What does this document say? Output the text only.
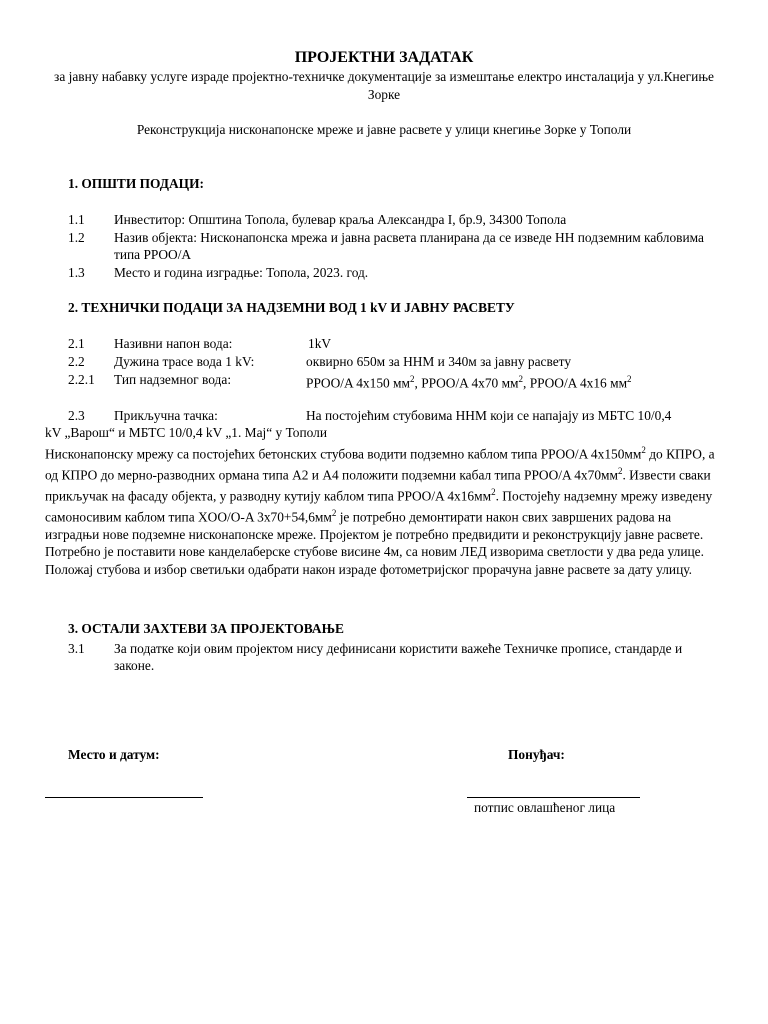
ПРОЈЕКТНИ ЗАДАТАК
за јавну набавку услуге израде пројектно-техничке документације за измештање електро инсталација у ул.Кнегиње Зорке
Реконструкција нисконапонске мреже и јавне расвете у улици кнегиње Зорке у Тополи
1. ОПШТИ ПОДАЦИ:
1.1	Инвеститор: Општина Топола, булевар краља Александра I, бр.9, 34300 Топола
1.2	Назив објекта: Нисконапонска мрежа и јавна расвета планирана да се изведе НН подземним кабловима типа PPOO/A
1.3	Место и година изградње: Топола, 2023. год.
2. ТЕХНИЧКИ ПОДАЦИ ЗА НАДЗЕМНИ ВОД 1 kV И ЈАВНУ РАСВЕТУ
2.1	Називни напон вода:	1kV
2.2	Дужина трасе вода 1 kV:	оквирно 650м за ННМ и 340м за јавну расвету
2.2.1	Тип надземног вода:	PPOO/A 4x150 $мм^2$, PPOO/A 4x70 $мм^2$, PPOO/A 4x16 $мм^2$
2.3	Прикључна тачка:	На постојећим стубовима ННМ који се напајају из МБТС 10/0,4
kV „Варош“ и МБТС 10/0,4 kV „1. Мај“ у Тополи
Нисконапонску мрежу са постојећих бетонских стубова водити подземно каблом типа PPOO/A $4x150мм^2$ до КПРО, а од КПРО до мерно-разводних ормана типа А2 и А4 положити подземни кабал типа PPOO/A $4x70мм^2$. Извести сваки прикључак на фасаду објекта, у разводну кутију каблом типа PPOO/A $4x16мм^2$. Постојећу надземну мрежу изведену самоносивим каблом типа XOO/O-A $3x70+54,6мм^2$ је потребно демонтирати након свих завршених радова на изградњи нове подземне нисконапонске мреже. Пројектом је потребно предвидити и реконструкцију јавне расвете. Потребно је поставити нове канделаберске стубове висине 4м, са новим ЛЕД изворима светлости у два реда улице. Положај стубова и избор светиљки одабрати након израде фотометријског прорачуна јавне расвете за дату улицу.
3. ОСТАЛИ ЗАХТЕВИ ЗА ПРОЈЕКТОВАЊЕ
3.1	За податке који овим пројектом нису дефинисани користити важеће Техничке прописе, стандарде и законе.
Место и датум:	Понуђач:
потпис овлашћеног лица
